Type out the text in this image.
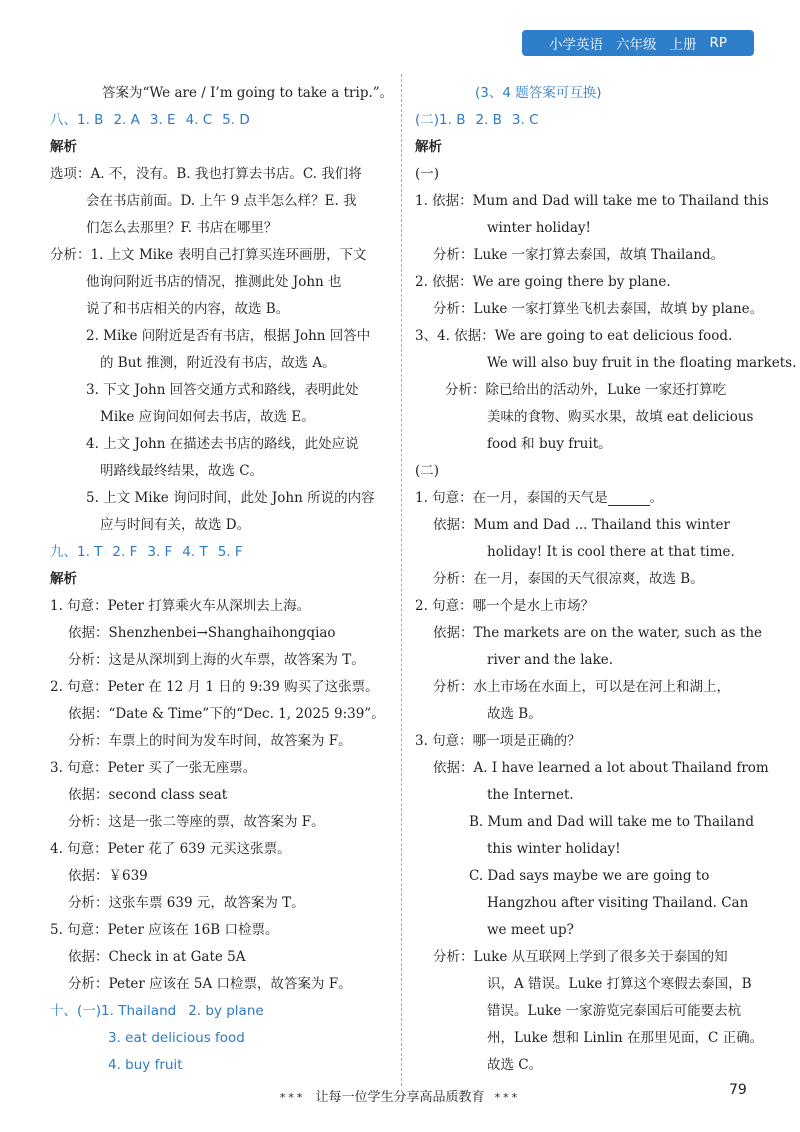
小学英语 六年级 上册 RP
答案为“We are / I’m going to take a trip.”。
八、1. B 2. A 3. E 4. C 5. D
解析
选项：A. 不，没有。B. 我也打算去书店。C. 我们将
会在书店前面。D. 上午 9 点半怎么样？E. 我
们怎么去那里？F. 书店在哪里？
分析：1. 上文 Mike 表明自己打算买连环画册，下文
他询问附近书店的情况，推测此处 John 也
说了和书店相关的内容，故选 B。
2. Mike 问附近是否有书店，根据 John 回答中
的 But 推测，附近没有书店，故选 A。
3. 下文 John 回答交通方式和路线，表明此处
Mike 应询问如何去书店，故选 E。
4. 上文 John 在描述去书店的路线，此处应说
明路线最终结果，故选 C。
5. 上文 Mike 询问时间，此处 John 所说的内容
应与时间有关，故选 D。
九、1. T 2. F 3. F 4. T 5. F
解析
1. 句意：Peter 打算乘火车从深圳去上海。
依据：Shenzhenbei→Shanghaihongqiao
分析：这是从深圳到上海的火车票，故答案为 T。
2. 句意：Peter 在 12 月 1 日的 9:39 购买了这张票。
依据：“Date & Time”下的“Dec. 1, 2025 9:39”。
分析：车票上的时间为发车时间，故答案为 F。
3. 句意：Peter 买了一张无座票。
依据：second class seat
分析：这是一张二等座的票，故答案为 F。
4. 句意：Peter 花了 639 元买这张票。
依据：￥639
分析：这张车票 639 元，故答案为 T。
5. 句意：Peter 应该在 16B 口检票。
依据：Check in at Gate 5A
分析：Peter 应该在 5A 口检票，故答案为 F。
十、(一)1. Thailand 2. by plane
3. eat delicious food
4. buy fruit
(3、4 题答案可互换)
(二)1. B 2. B 3. C
解析
(一)
1. 依据：Mum and Dad will take me to Thailand this
winter holiday!
分析：Luke 一家打算去泰国，故填 Thailand。
2. 依据：We are going there by plane.
分析：Luke 一家打算坐飞机去泰国，故填 by plane。
3、4. 依据：We are going to eat delicious food.
We will also buy fruit in the floating markets.
分析：除已给出的活动外，Luke 一家还打算吃
美味的食物、购买水果，故填 eat delicious
food 和 buy fruit。
(二)
1. 句意：在一月，泰国的天气是	。
依据：Mum and Dad ... Thailand this winter
holiday! It is cool there at that time.
分析：在一月，泰国的天气很凉爽，故选 B。
2. 句意：哪一个是水上市场？
依据：The markets are on the water, such as the
river and the lake.
分析：水上市场在水面上，可以是在河上和湖上，
故选 B。
3. 句意：哪一项是正确的？
依据：A. I have learned a lot about Thailand from
the Internet.
B. Mum and Dad will take me to Thailand
this winter holiday!
C. Dad says maybe we are going to
Hangzhou after visiting Thailand. Can
we meet up?
分析：Luke 从互联网上学到了很多关于泰国的知
识，A 错误。Luke 打算这个寒假去泰国，B
错误。Luke 一家游览完泰国后可能要去杭
州，Luke 想和 Linlin 在那里见面，C 正确。
故选 C。
*** 让每一位学生分享高品质教育 ***	79
